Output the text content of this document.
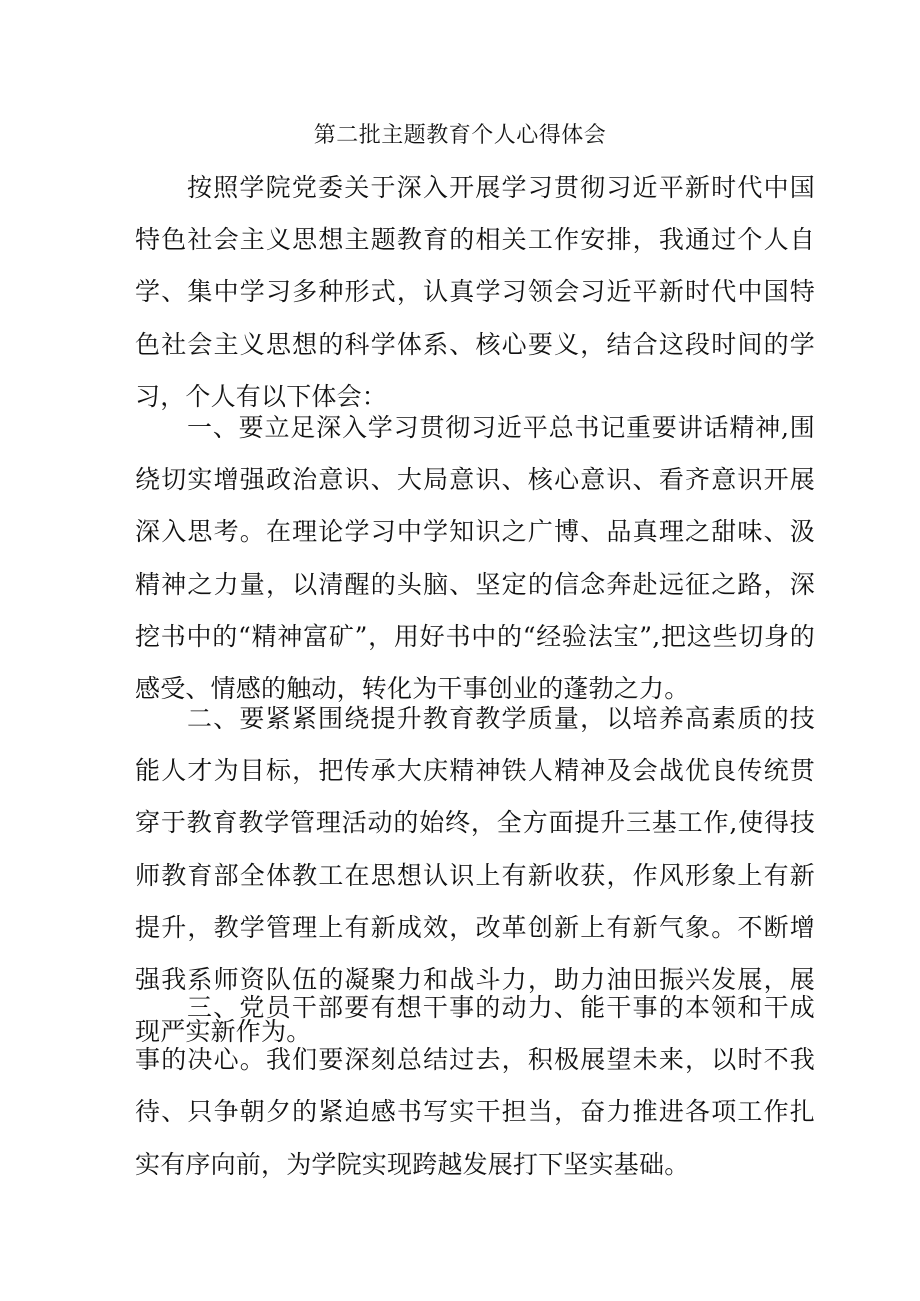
第二批主题教育个人心得体会

按照学院党委关于深入开展学习贯彻习近平新时代中国特色社会主义思想主题教育的相关工作安排，我通过个人自学、集中学习多种形式，认真学习领会习近平新时代中国特色社会主义思想的科学体系、核心要义，结合这段时间的学习，个人有以下体会：

一、要立足深入学习贯彻习近平总书记重要讲话精神,围绕切实增强政治意识、大局意识、核心意识、看齐意识开展深入思考。在理论学习中学知识之广博、品真理之甜味、汲精神之力量，以清醒的头脑、坚定的信念奔赴远征之路，深挖书中的“精神富矿”，用好书中的“经验法宝”,把这些切身的感受、情感的触动，转化为干事创业的蓬勃之力。

二、要紧紧围绕提升教育教学质量，以培养高素质的技能人才为目标，把传承大庆精神铁人精神及会战优良传统贯穿于教育教学管理活动的始终，全方面提升三基工作,使得技师教育部全体教工在思想认识上有新收获，作风形象上有新提升，教学管理上有新成效，改革创新上有新气象。不断增强我系师资队伍的凝聚力和战斗力，助力油田振兴发展，展现严实新作为。

三、党员干部要有想干事的动力、能干事的本领和干成事的决心。我们要深刻总结过去，积极展望未来，以时不我待、只争朝夕的紧迫感书写实干担当，奋力推进各项工作扎实有序向前，为学院实现跨越发展打下坚实基础。
